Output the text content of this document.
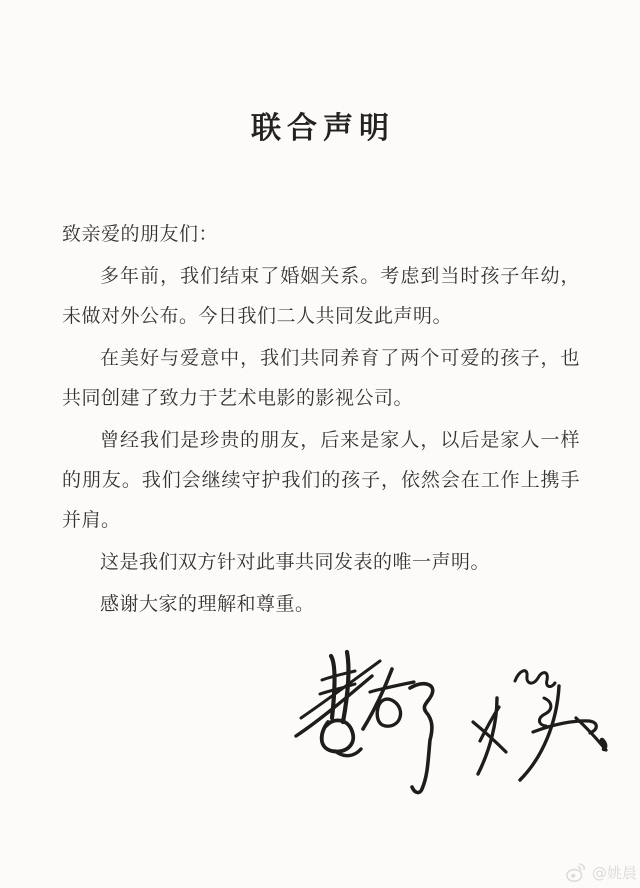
联合声明

致亲爱的朋友们：

多年前，我们结束了婚姻关系。考虑到当时孩子年幼，未做对外公布。今日我们二人共同发此声明。

在美好与爱意中，我们共同养育了两个可爱的孩子，也共同创建了致力于艺术电影的影视公司。

曾经我们是珍贵的朋友，后来是家人，以后是家人一样的朋友。我们会继续守护我们的孩子，依然会在工作上携手并肩。

这是我们双方针对此事共同发表的唯一声明。

感谢大家的理解和尊重。

@姚晨
